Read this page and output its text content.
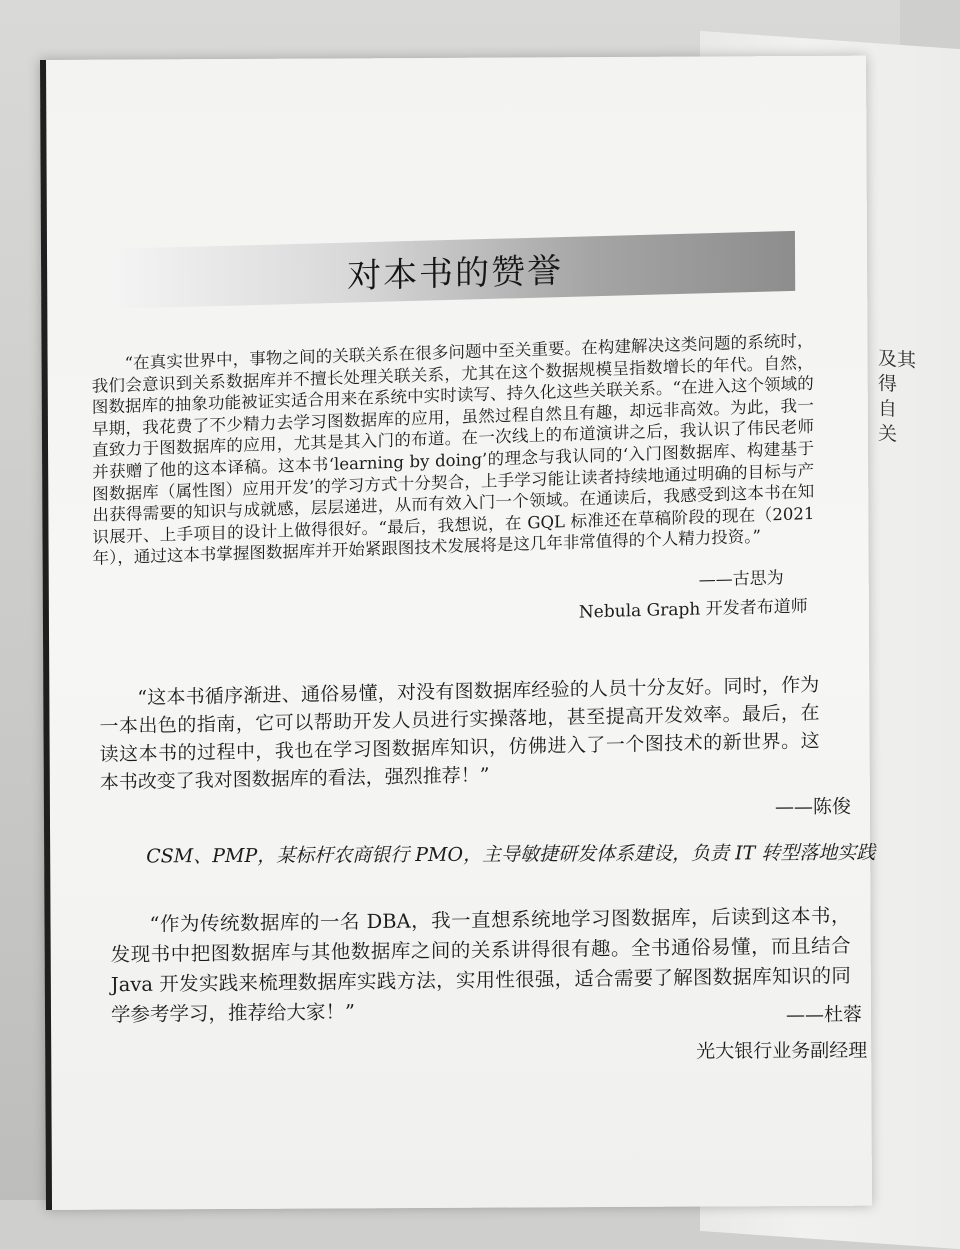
及其
得
自
关
对本书的赞誉

“在真实世界中，事物之间的关联关系在很多问题中至关重要。在构建解决这类问题的系统时，我们会意识到关系数据库并不擅长处理关联关系，尤其在这个数据规模呈指数增长的年代。自然，图数据库的抽象功能被证实适合用来在系统中实时读写、持久化这些关联关系。“在进入这个领域的早期，我花费了不少精力去学习图数据库的应用，虽然过程自然且有趣，却远非高效。为此，我一直致力于图数据库的应用，尤其是其入门的布道。在一次线上的布道演讲之后，我认识了伟民老师并获赠了他的这本译稿。这本书‘learning by doing’的理念与我认同的‘入门图数据库、构建基于图数据库（属性图）应用开发’的学习方式十分契合，上手学习能让读者持续地通过明确的目标与产出获得需要的知识与成就感，层层递进，从而有效入门一个领域。在通读后，我感受到这本书在知识展开、上手项目的设计上做得很好。“最后，我想说，在 GQL 标准还在草稿阶段的现在（2021 年），通过这本书掌握图数据库并开始紧跟图技术发展将是这几年非常值得的个人精力投资。”

——古思为
Nebula Graph 开发者布道师

“这本书循序渐进、通俗易懂，对没有图数据库经验的人员十分友好。同时，作为一本出色的指南，它可以帮助开发人员进行实操落地，甚至提高开发效率。最后，在读这本书的过程中，我也在学习图数据库知识，仿佛进入了一个图技术的新世界。这本书改变了我对图数据库的看法，强烈推荐！”

——陈俊
CSM、PMP，某标杆农商银行 PMO，主导敏捷研发体系建设，负责 IT 转型落地实践

“作为传统数据库的一名 DBA，我一直想系统地学习图数据库，后读到这本书，发现书中把图数据库与其他数据库之间的关系讲得很有趣。全书通俗易懂，而且结合 Java 开发实践来梳理数据库实践方法，实用性很强，适合需要了解图数据库知识的同学参考学习，推荐给大家！”	——杜蓉
光大银行业务副经理
